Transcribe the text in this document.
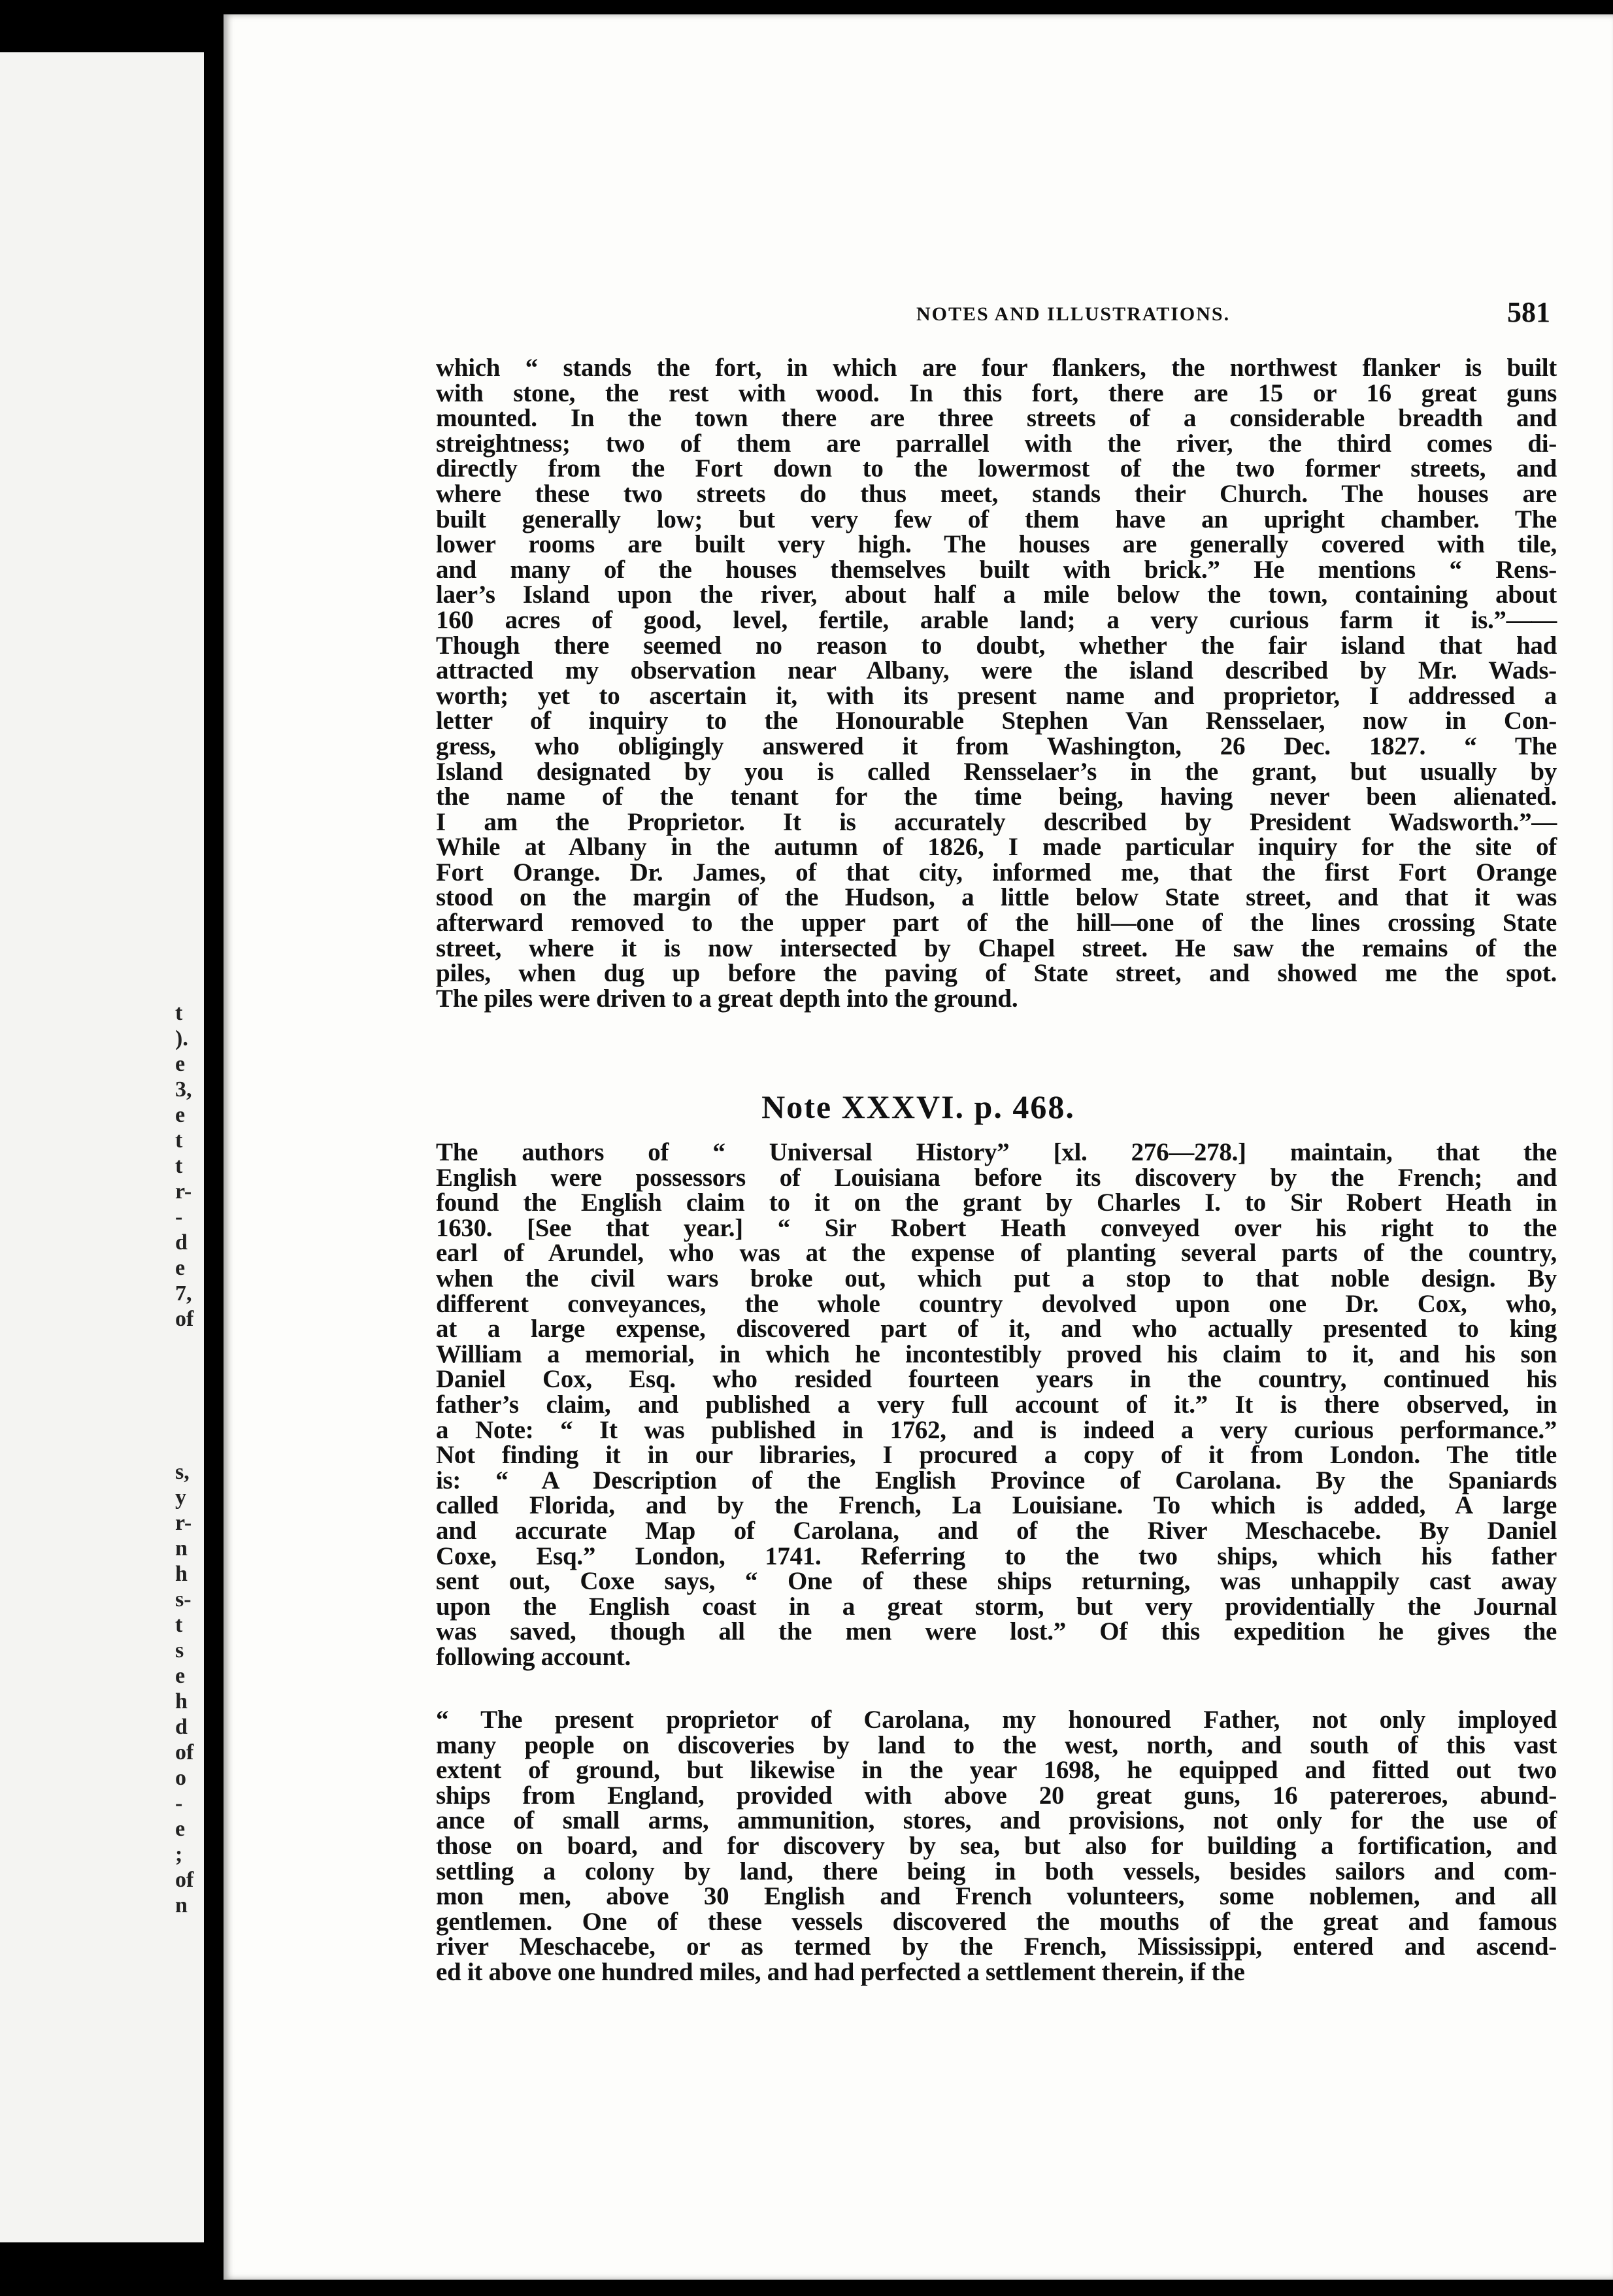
t
).
e
3,
e
t
t
r-
-
d
e
7,
of

s,
y
r-
n
h
s-
t
s
e
h
d
of
o
-
e
;
of
n
NOTES AND ILLUSTRATIONS.	581

which “ stands the fort, in which are four flankers, the northwest flanker is built
with stone, the rest with wood. In this fort, there are 15 or 16 great guns
mounted. In the town there are three streets of a considerable breadth and
streightness; two of them are parrallel with the river, the third comes di-
directly from the Fort down to the lowermost of the two former streets, and
where these two streets do thus meet, stands their Church. The houses are
built generally low; but very few of them have an upright chamber. The
lower rooms are built very high. The houses are generally covered with tile,
and many of the houses themselves built with brick.” He mentions “ Rens-
laer’s Island upon the river, about half a mile below the town, containing about
160 acres of good, level, fertile, arable land; a very curious farm it is.”——
Though there seemed no reason to doubt, whether the fair island that had
attracted my observation near Albany, were the island described by Mr. Wads-
worth; yet to ascertain it, with its present name and proprietor, I addressed a
letter of inquiry to the Honourable Stephen Van Rensselaer, now in Con-
gress, who obligingly answered it from Washington, 26 Dec. 1827. “ The
Island designated by you is called Rensselaer’s in the grant, but usually by
the name of the tenant for the time being, having never been alienated.
I am the Proprietor. It is accurately described by President Wadsworth.”—
While at Albany in the autumn of 1826, I made particular inquiry for the site of
Fort Orange. Dr. James, of that city, informed me, that the first Fort Orange
stood on the margin of the Hudson, a little below State street, and that it was
afterward removed to the upper part of the hill—one of the lines crossing State
street, where it is now intersected by Chapel street. He saw the remains of the
piles, when dug up before the paving of State street, and showed me the spot.
The piles were driven to a great depth into the ground.

Note XXXVI. p. 468.

The authors of “ Universal History” [xl. 276—278.] maintain, that the
English were possessors of Louisiana before its discovery by the French; and
found the English claim to it on the grant by Charles I. to Sir Robert Heath in
1630. [See that year.] “ Sir Robert Heath conveyed over his right to the
earl of Arundel, who was at the expense of planting several parts of the country,
when the civil wars broke out, which put a stop to that noble design. By
different conveyances, the whole country devolved upon one Dr. Cox, who,
at a large expense, discovered part of it, and who actually presented to king
William a memorial, in which he incontestibly proved his claim to it, and his son
Daniel Cox, Esq. who resided fourteen years in the country, continued his
father’s claim, and published a very full account of it.” It is there observed, in
a Note: “ It was published in 1762, and is indeed a very curious performance.”
Not finding it in our libraries, I procured a copy of it from London. The title
is: “ A Description of the English Province of Carolana. By the Spaniards
called Florida, and by the French, La Louisiane. To which is added, A large
and accurate Map of Carolana, and of the River Meschacebe. By Daniel
Coxe, Esq.” London, 1741. Referring to the two ships, which his father
sent out, Coxe says, “ One of these ships returning, was unhappily cast away
upon the English coast in a great storm, but very providentially the Journal
was saved, though all the men were lost.” Of this expedition he gives the
following account.

“ The present proprietor of Carolana, my honoured Father, not only imployed
many people on discoveries by land to the west, north, and south of this vast
extent of ground, but likewise in the year 1698, he equipped and fitted out two
ships from England, provided with above 20 great guns, 16 patereroes, abund-
ance of small arms, ammunition, stores, and provisions, not only for the use of
those on board, and for discovery by sea, but also for building a fortification, and
settling a colony by land, there being in both vessels, besides sailors and com-
mon men, above 30 English and French volunteers, some noblemen, and all
gentlemen. One of these vessels discovered the mouths of the great and famous
river Meschacebe, or as termed by the French, Mississippi, entered and ascend-
ed it above one hundred miles, and had perfected a settlement therein, if the
